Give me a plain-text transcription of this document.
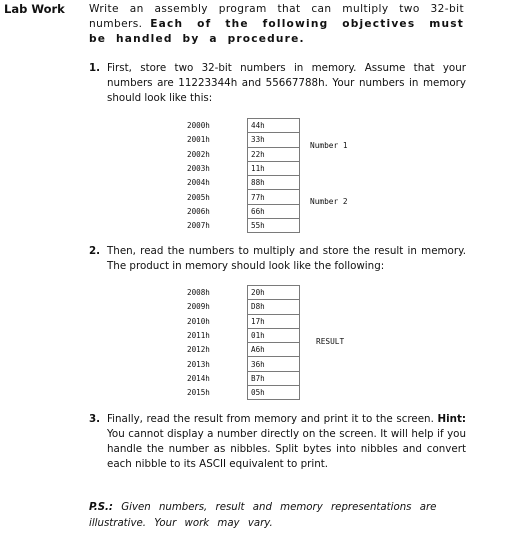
Lab Work Write an assembly program that can multiply two 32-bit numbers. Each of the following objectives must be handled by a procedure.

1. First, store two 32-bit numbers in memory. Assume that your numbers are 11223344h and 55667788h. Your numbers in memory should look like this:
2000h	44h
2001h	33h
2002h	22h
2003h	11h
2004h	88h
2005h	77h
2006h	66h
2007h	55h
Number 1
Number 2
2. Then, read the numbers to multiply and store the result in memory. The product in memory should look like the following:
2008h	20h
2009h	D8h
2010h	17h
2011h	01h
2012h	A6h
2013h	36h
2014h	B7h
2015h	05h
RESULT
3. Finally, read the result from memory and print it to the screen. Hint: You cannot display a number directly on the screen. It will help if you handle the number as nibbles. Split bytes into nibbles and convert each nibble to its ASCII equivalent to print.
P.S.: Given numbers, result and memory representations are illustrative. Your work may vary.
